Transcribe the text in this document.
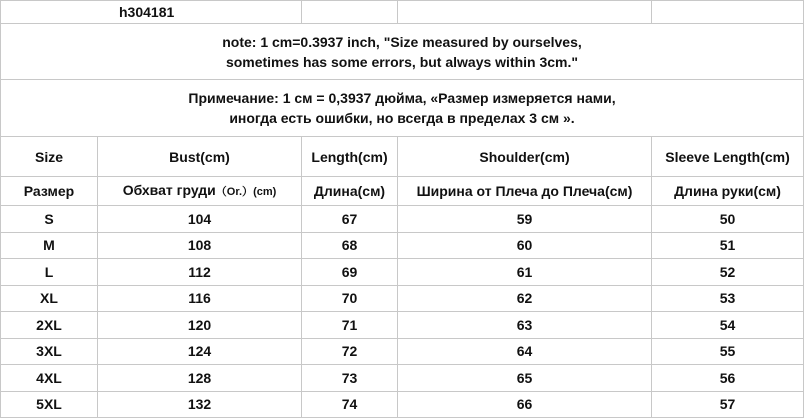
h304181				

note: 1 cm=0.3937 inch, "Size measured by ourselves,
sometimes has some errors, but always within 3cm."				

Примечание: 1 см = 0,3937 дюйма, «Размер измеряется нами,
иногда есть ошибки, но всегда в пределах 3 см ».				

Size	Bust(cm)	Length(cm)	Shoulder(cm)	Sleeve Length(cm)
Размер	Обхват груди（Or.）(cm)	Длина(см)	Ширина от Плеча до Плеча(см)	Длина руки(см)
S	104	67	59	50
M	108	68	60	51
L	112	69	61	52
XL	116	70	62	53
2XL	120	71	63	54
3XL	124	72	64	55
4XL	128	73	65	56
5XL	132	74	66	57
